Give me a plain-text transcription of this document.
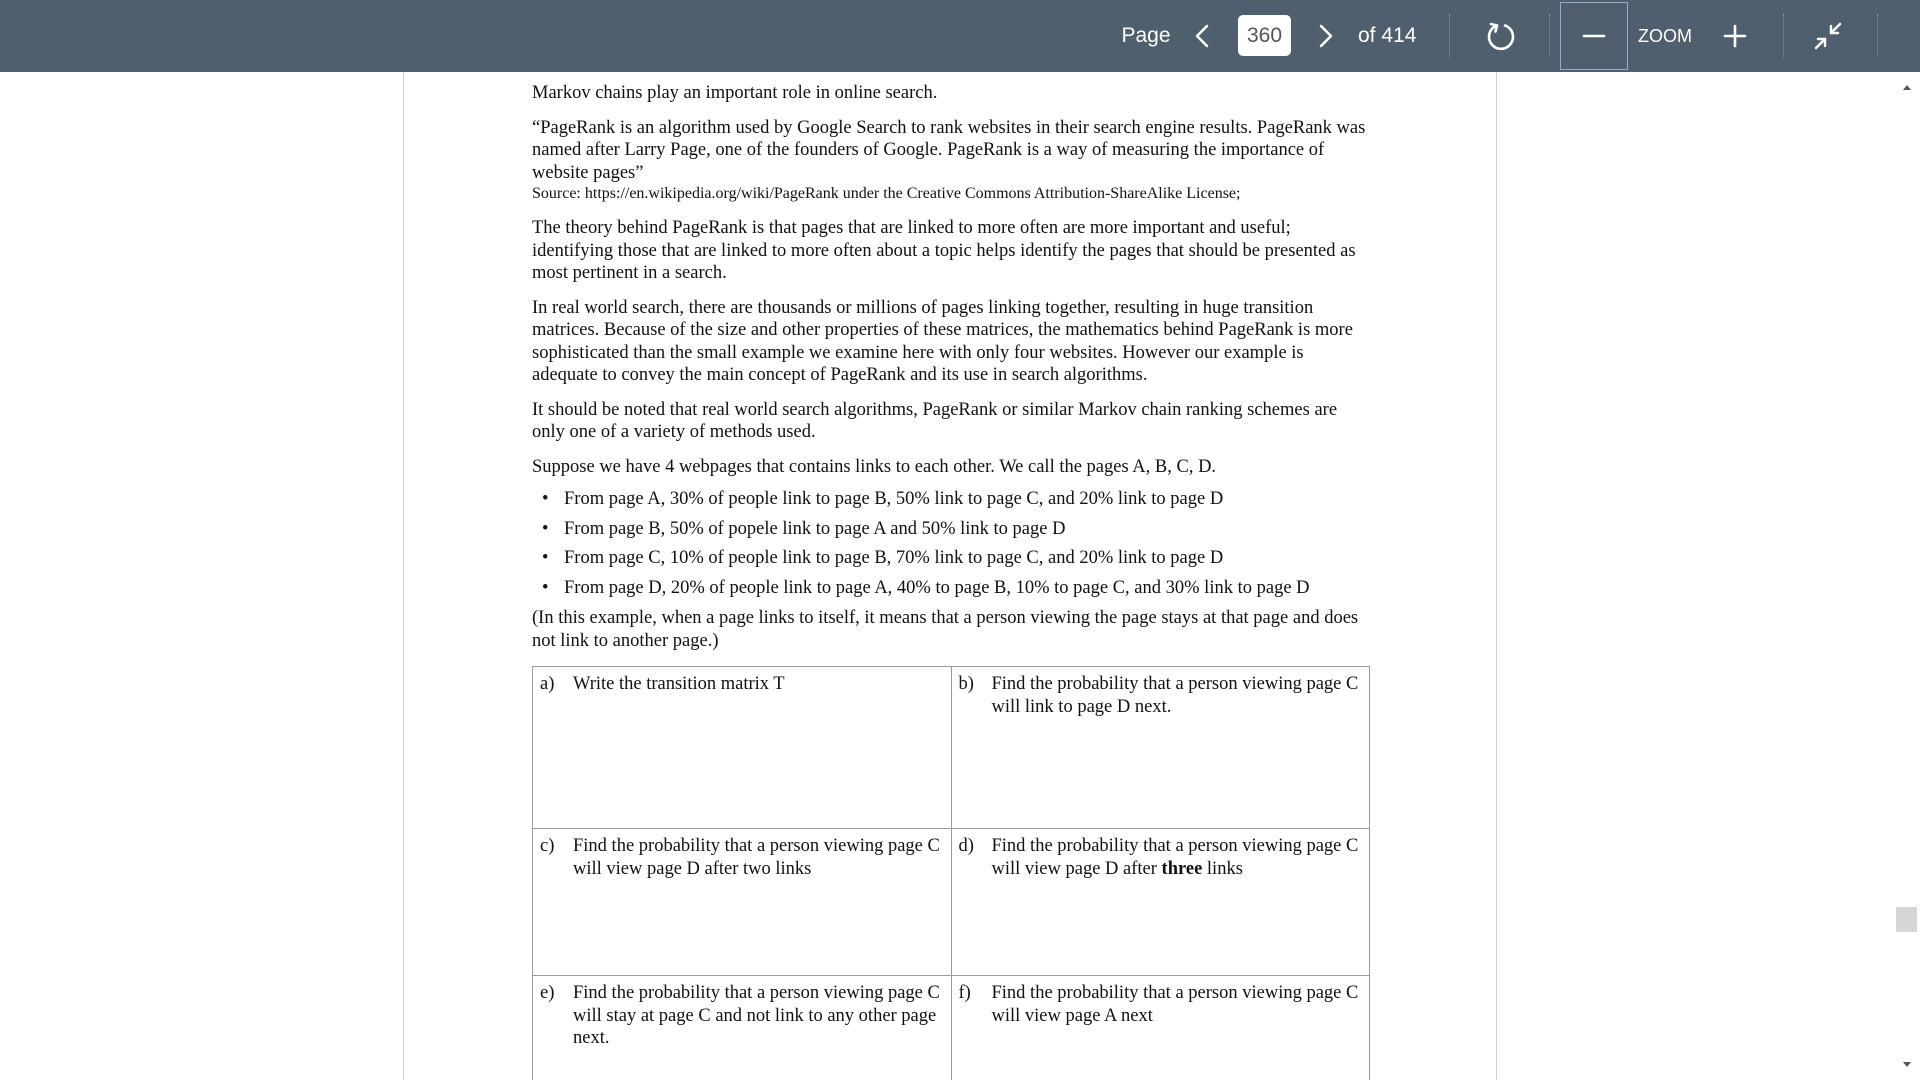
Page
360	of 414	ZOOM

Markov chains play an important role in online search.

“PageRank is an algorithm used by Google Search to rank websites in their search engine results. PageRank was named after Larry Page, one of the founders of Google. PageRank is a way of measuring the importance of website pages”

Source: https://en.wikipedia.org/wiki/PageRank under the Creative Commons Attribution-ShareAlike License;

The theory behind PageRank is that pages that are linked to more often are more important and useful; identifying those that are linked to more often about a topic helps identify the pages that should be presented as most pertinent in a search.

In real world search, there are thousands or millions of pages linking together, resulting in huge transition matrices. Because of the size and other properties of these matrices, the mathematics behind PageRank is more sophisticated than the small example we examine here with only four websites. However our example is adequate to convey the main concept of PageRank and its use in search algorithms.

It should be noted that real world search algorithms, PageRank or similar Markov chain ranking schemes are only one of a variety of methods used.

Suppose we have 4 webpages that contains links to each other. We call the pages A, B, C, D.

• From page A, 30% of people link to page B, 50% link to page C, and 20% link to page D
• From page B, 50% of popele link to page A and 50% link to page D
• From page C, 10% of people link to page B, 70% link to page C, and 20% link to page D
• From page D, 20% of people link to page A, 40% to page B, 10% to page C, and 30% link to page D

(In this example, when a page links to itself, it means that a person viewing the page stays at that page and does not link to another page.)

a) Write the transition matrix T	b) Find the probability that a person viewing page C will link to page D next.

c) Find the probability that a person viewing page C will view page D after two links	d) Find the probability that a person viewing page C will view page D after three links

e) Find the probability that a person viewing page C will stay at page C and not link to any other page next.	f) Find the probability that a person viewing page C will view page A next
